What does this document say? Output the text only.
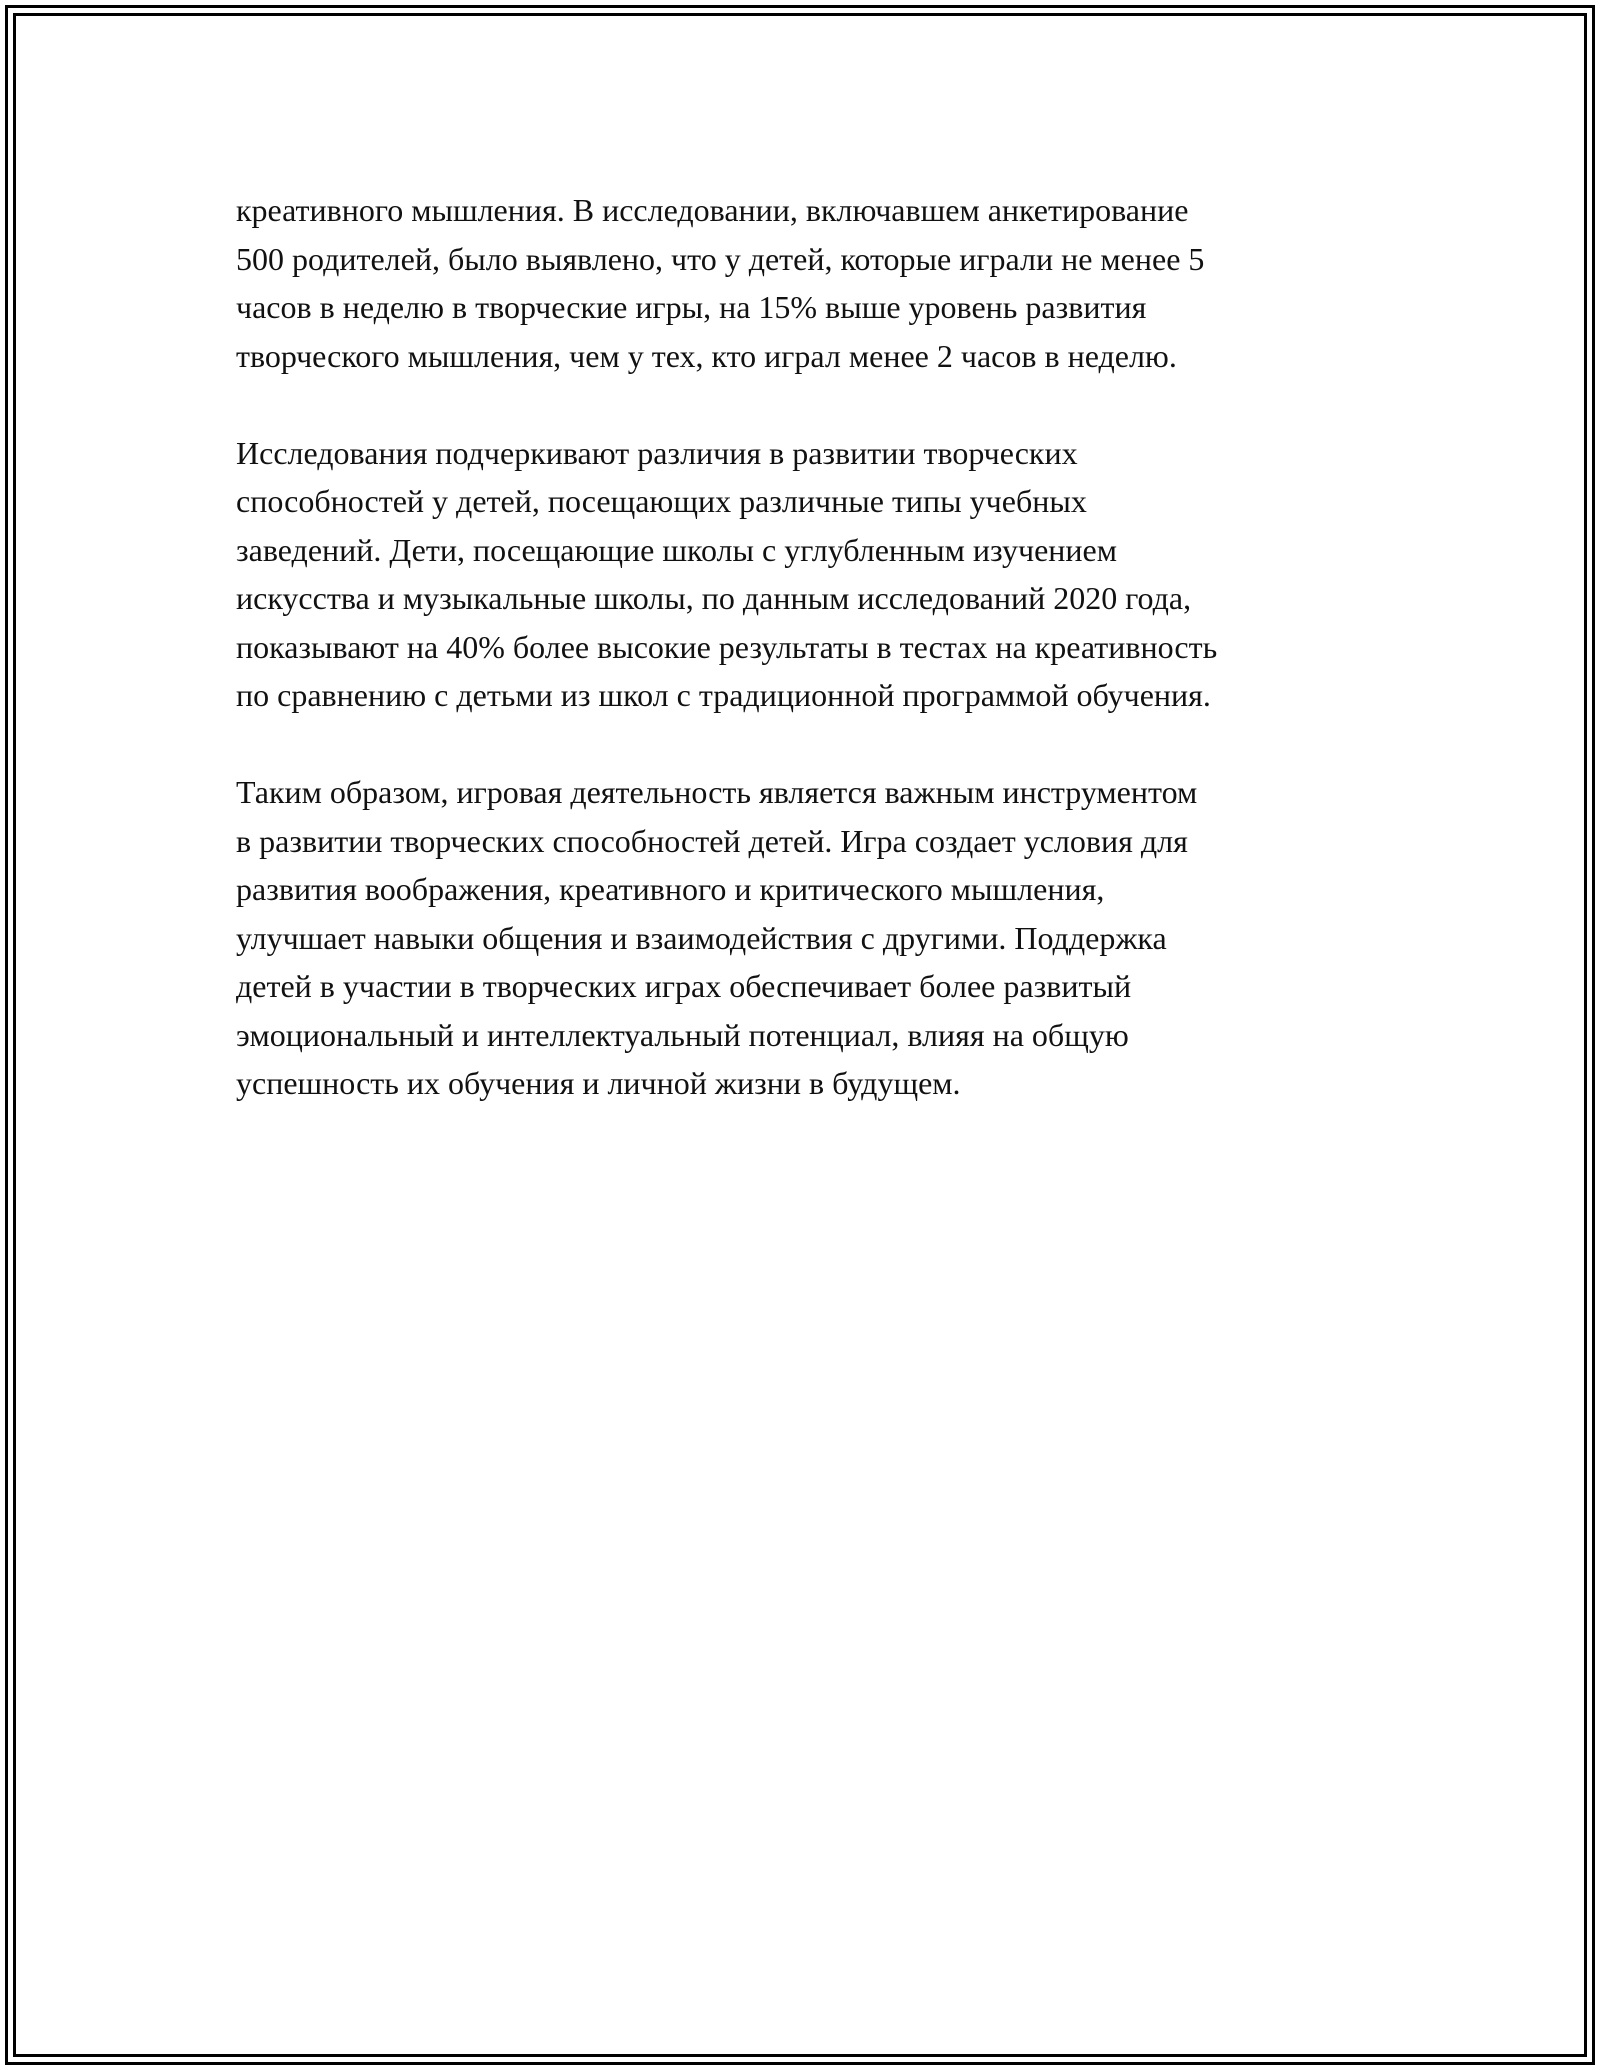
креативного мышления. В исследовании, включавшем анкетирование
500 родителей, было выявлено, что у детей, которые играли не менее 5
часов в неделю в творческие игры, на 15% выше уровень развития
творческого мышления, чем у тех, кто играл менее 2 часов в неделю.

Исследования подчеркивают различия в развитии творческих
способностей у детей, посещающих различные типы учебных
заведений. Дети, посещающие школы с углубленным изучением
искусства и музыкальные школы, по данным исследований 2020 года,
показывают на 40% более высокие результаты в тестах на креативность
по сравнению с детьми из школ с традиционной программой обучения.

Таким образом, игровая деятельность является важным инструментом
в развитии творческих способностей детей. Игра создает условия для
развития воображения, креативного и критического мышления,
улучшает навыки общения и взаимодействия с другими. Поддержка
детей в участии в творческих играх обеспечивает более развитый
эмоциональный и интеллектуальный потенциал, влияя на общую
успешность их обучения и личной жизни в будущем.
